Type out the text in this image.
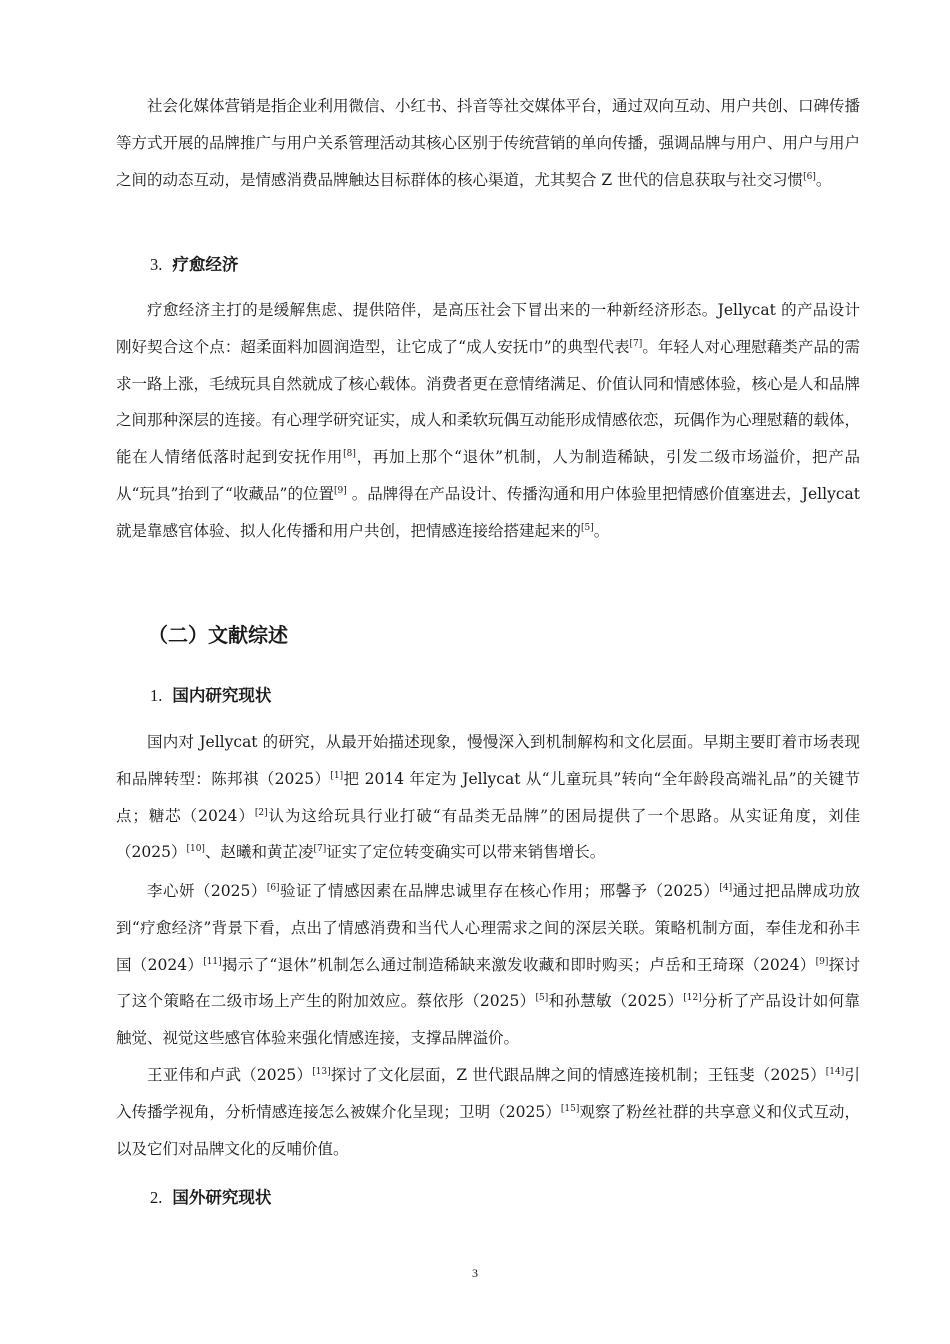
社会化媒体营销是指企业利用微信、小红书、抖音等社交媒体平台，通过双向互动、用户共创、口碑传播等方式开展的品牌推广与用户关系管理活动其核心区别于传统营销的单向传播，强调品牌与用户、用户与用户之间的动态互动，是情感消费品牌触达目标群体的核心渠道，尤其契合 Z 世代的信息获取与社交习惯[6]。

3. 疗愈经济

疗愈经济主打的是缓解焦虑、提供陪伴，是高压社会下冒出来的一种新经济形态。Jellycat 的产品设计刚好契合这个点：超柔面料加圆润造型，让它成了“成人安抚巾”的典型代表[7]。年轻人对心理慰藉类产品的需求一路上涨，毛绒玩具自然就成了核心载体。消费者更在意情绪满足、价值认同和情感体验，核心是人和品牌之间那种深层的连接。有心理学研究证实，成人和柔软玩偶互动能形成情感依恋，玩偶作为心理慰藉的载体，能在人情绪低落时起到安抚作用[8]，再加上那个“退休”机制，人为制造稀缺，引发二级市场溢价，把产品从“玩具”抬到了“收藏品”的位置[9] 。品牌得在产品设计、传播沟通和用户体验里把情感价值塞进去，Jellycat 就是靠感官体验、拟人化传播和用户共创，把情感连接给搭建起来的[5]。

（二）文献综述
1. 国内研究现状

国内对 Jellycat 的研究，从最开始描述现象，慢慢深入到机制解构和文化层面。早期主要盯着市场表现和品牌转型：陈邦祺（2025）[1]把 2014 年定为 Jellycat 从“儿童玩具”转向“全年龄段高端礼品”的关键节点；糖芯（2024）[2]认为这给玩具行业打破“有品类无品牌”的困局提供了一个思路。从实证角度，刘佳（2025）[10]、赵曦和黄芷凌[7]证实了定位转变确实可以带来销售增长。

李心妍（2025）[6]验证了情感因素在品牌忠诚里存在核心作用；邢馨予（2025）[4]通过把品牌成功放到“疗愈经济”背景下看，点出了情感消费和当代人心理需求之间的深层关联。策略机制方面，奉佳龙和孙丰国（2024）[11]揭示了“退休”机制怎么通过制造稀缺来激发收藏和即时购买；卢岳和王琦琛（2024）[9]探讨了这个策略在二级市场上产生的附加效应。蔡依彤（2025）[5]和孙慧敏（2025）[12]分析了产品设计如何靠触觉、视觉这些感官体验来强化情感连接，支撑品牌溢价。

王亚伟和卢武（2025）[13]探讨了文化层面，Z 世代跟品牌之间的情感连接机制；王钰斐（2025）[14]引入传播学视角，分析情感连接怎么被媒介化呈现；卫明（2025）[15]观察了粉丝社群的共享意义和仪式互动，以及它们对品牌文化的反哺价值。

2. 国外研究现状
3
